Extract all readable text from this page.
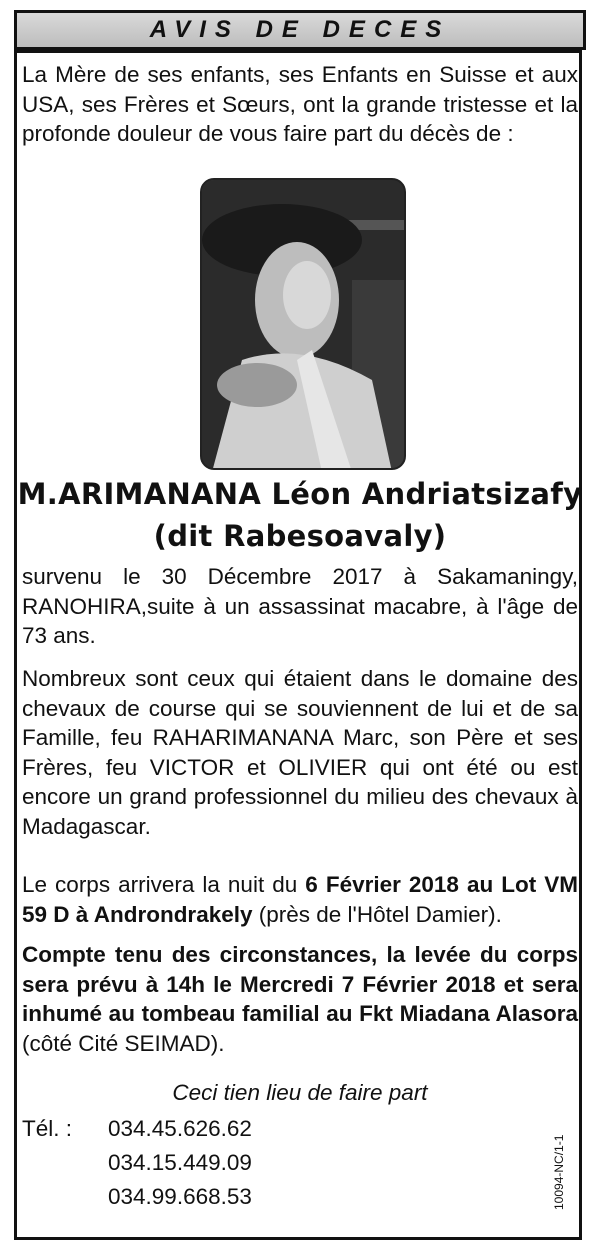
AVIS DE DECES

La Mère de ses enfants, ses Enfants en Suisse et aux USA, ses Frères et Sœurs, ont la grande tristesse et la profonde douleur de vous faire part du décès de :

M.ARIMANANA Léon Andriatsizafy

(dit Rabesoavaly)

survenu le 30 Décembre 2017 à Sakamaningy, RANOHIRA,suite à un assassinat macabre, à l'âge de 73 ans.

Nombreux sont ceux qui étaient dans le domaine des chevaux de course qui se souviennent de lui et de sa Famille, feu RAHARIMANANA Marc, son Père et ses Frères, feu VICTOR et OLIVIER qui ont été ou est encore un grand professionnel du milieu des chevaux à Madagascar.

Le corps arrivera la nuit du 6 Février 2018 au Lot VM 59 D à Androndrakely (près de l'Hôtel Damier).

Compte tenu des circonstances, la levée du corps sera prévu à 14h le Mercredi 7 Février 2018 et sera inhumé au tombeau familial au Fkt Miadana Alasora (côté Cité SEIMAD).

Ceci tien lieu de faire part

Tél. : 034.45.626.62
034.15.449.09
034.99.668.53	10094-NC/1-1
